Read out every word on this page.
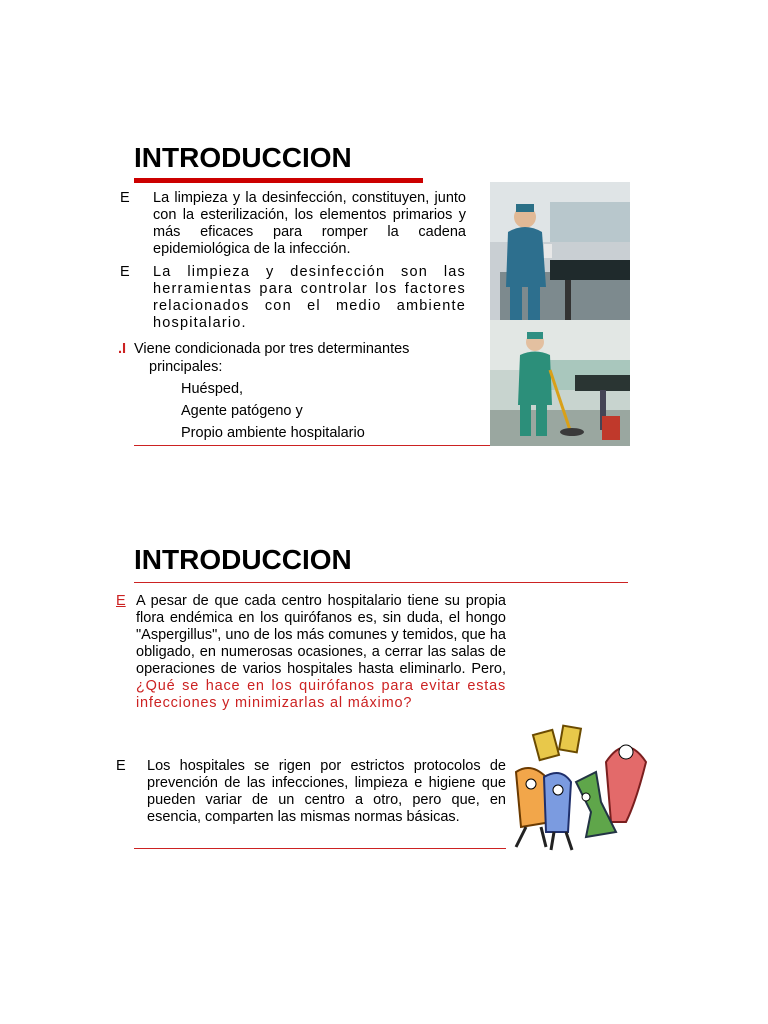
INTRODUCCION
E La limpieza y la desinfección, constituyen, junto con la esterilización, los elementos primarios y más eficaces para romper la cadena epidemiológica de la infección.
E La limpieza y desinfección son las herramientas para controlar los factores relacionados con el medio ambiente hospitalario.
.I Viene condicionada por tres determinantes
principales:
Huésped,
Agente patógeno y
Propio ambiente hospitalario
INTRODUCCION
E A pesar de que cada centro hospitalario tiene su propia flora endémica en los quirófanos es, sin duda, el hongo "Aspergillus", uno de los más comunes y temidos, que ha obligado, en numerosas ocasiones, a cerrar las salas de operaciones de varios hospitales hasta eliminarlo. Pero, ¿Qué se hace en los quirófanos para evitar estas infecciones y minimizarlas al máximo?
E Los hospitales se rigen por estrictos protocolos de prevención de las infecciones, limpieza e higiene que pueden variar de un centro a otro, pero que, en esencia, comparten las mismas normas básicas.
